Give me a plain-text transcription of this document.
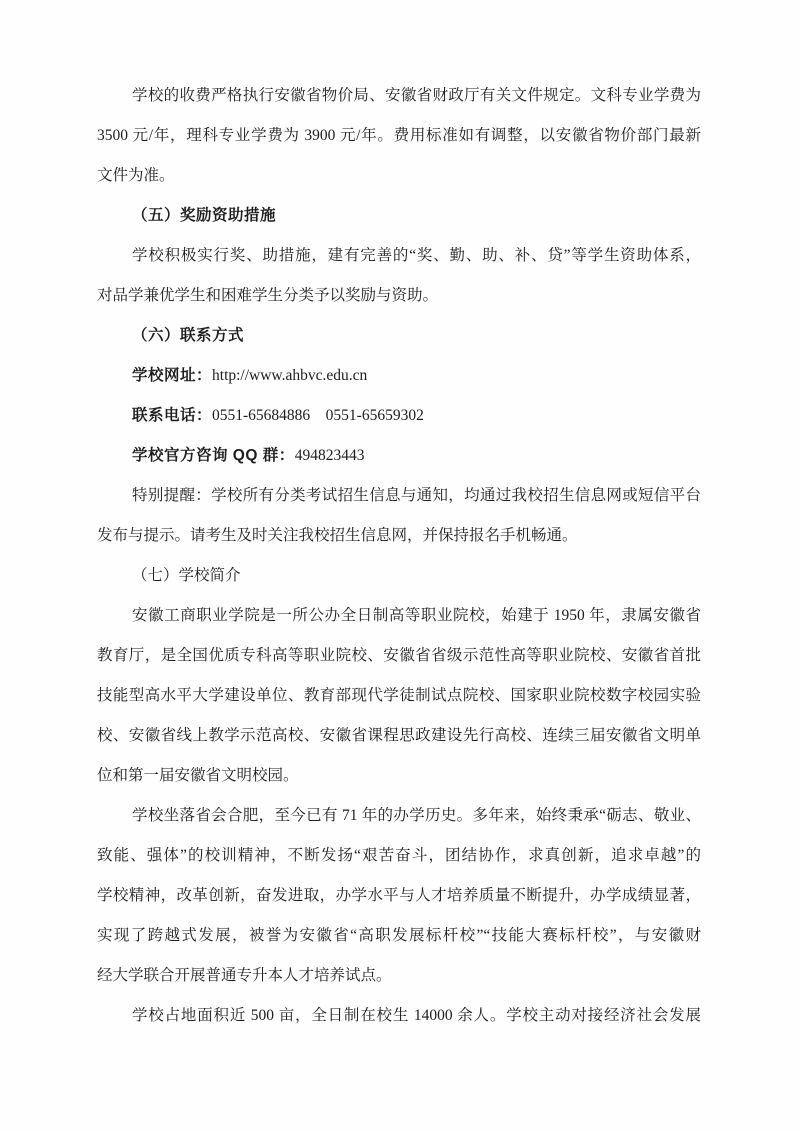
学校的收费严格执行安徽省物价局、安徽省财政厅有关文件规定。文科专业学费为
3500 元/年，理科专业学费为 3900 元/年。费用标准如有调整，以安徽省物价部门最新
文件为准。
（五）奖励资助措施
学校积极实行奖、助措施，建有完善的“奖、勤、助、补、贷”等学生资助体系，
对品学兼优学生和困难学生分类予以奖励与资助。
（六）联系方式
学校网址：http://www.ahbvc.edu.cn
联系电话：0551-65684886    0551-65659302
学校官方咨询 QQ 群：494823443
特别提醒：学校所有分类考试招生信息与通知，均通过我校招生信息网或短信平台
发布与提示。请考生及时关注我校招生信息网，并保持报名手机畅通。
（七）学校简介
安徽工商职业学院是一所公办全日制高等职业院校，始建于 1950 年，隶属安徽省
教育厅，是全国优质专科高等职业院校、安徽省省级示范性高等职业院校、安徽省首批
技能型高水平大学建设单位、教育部现代学徒制试点院校、国家职业院校数字校园实验
校、安徽省线上教学示范高校、安徽省课程思政建设先行高校、连续三届安徽省文明单
位和第一届安徽省文明校园。
学校坐落省会合肥，至今已有 71 年的办学历史。多年来，始终秉承“砺志、敬业、
致能、强体”的校训精神，不断发扬“艰苦奋斗，团结协作，求真创新，追求卓越”的
学校精神，改革创新，奋发进取，办学水平与人才培养质量不断提升，办学成绩显著，
实现了跨越式发展，被誉为安徽省“高职发展标杆校”“技能大赛标杆校”，与安徽财
经大学联合开展普通专升本人才培养试点。
学校占地面积近 500 亩，全日制在校生 14000 余人。学校主动对接经济社会发展
